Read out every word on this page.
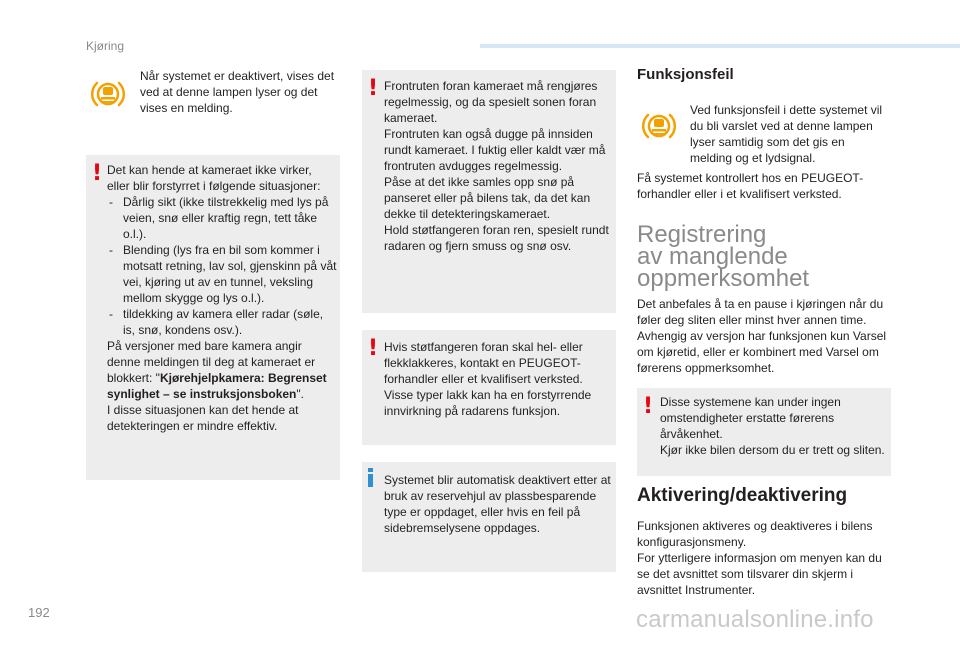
Kjøring
192	carmanualsonline.info
Når systemet er deaktivert, vises det ved at denne lampen lyser og det vises en melding.
! Det kan hende at kameraet ikke virker, eller blir forstyrret i følgende situasjoner:

- Dårlig sikt (ikke tilstrekkelig med lys på veien, snø eller kraftig regn, tett tåke o.l.).
- Blending (lys fra en bil som kommer i motsatt retning, lav sol, gjenskinn på våt vei, kjøring ut av en tunnel, veksling mellom skygge og lys o.l.).
- tildekking av kamera eller radar (søle, is, snø, kondens osv.).

På versjoner med bare kamera angir denne meldingen til deg at kameraet er blokkert: "Kjørehjelpkamera: Begrenset synlighet – se instruksjonsboken".

I disse situasjonen kan det hende at detekteringen er mindre effektiv.

! Frontruten foran kameraet må rengjøres regelmessig, og da spesielt sonen foran kameraet.

Frontruten kan også dugge på innsiden rundt kameraet. I fuktig eller kaldt vær må frontruten avdugges regelmessig.

Påse at det ikke samles opp snø på panseret eller på bilens tak, da det kan dekke til detekteringskameraet.

Hold støtfangeren foran ren, spesielt rundt radaren og fjern smuss og snø osv.

! Hvis støtfangeren foran skal hel- eller flekklakkeres, kontakt en PEUGEOT-forhandler eller et kvalifisert verksted. Visse typer lakk kan ha en forstyrrende innvirkning på radarens funksjon.

Systemet blir automatisk deaktivert etter at bruk av reservehjul av plassbesparende type er oppdaget, eller hvis en feil på sidebremselysene oppdages.

Funksjonsfeil
Ved funksjonsfeil i dette systemet vil du bli varslet ved at denne lampen lyser samtidig som det gis en melding og et lydsignal.

Få systemet kontrollert hos en PEUGEOT-forhandler eller i et kvalifisert verksted.

Registrering
av manglende
oppmerksomhet

Det anbefales å ta en pause i kjøringen når du føler deg sliten eller minst hver annen time. Avhengig av versjon har funksjonen kun Varsel om kjøretid, eller er kombinert med Varsel om førerens oppmerksomhet.

! Disse systemene kan under ingen omstendigheter erstatte førerens årvåkenhet.

Kjør ikke bilen dersom du er trett og sliten.

Aktivering/deaktivering

Funksjonen aktiveres og deaktiveres i bilens konfigurasjonsmeny.

For ytterligere informasjon om menyen kan du se det avsnittet som tilsvarer din skjerm i avsnittet Instrumenter.
